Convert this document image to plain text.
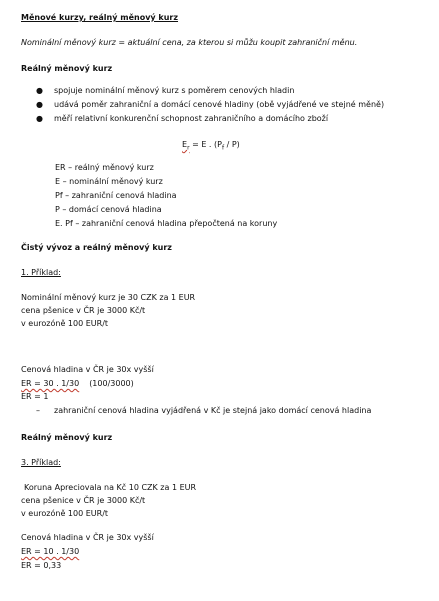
Měnové kurzy, reálný měnový kurz
Nominální měnový kurz = aktuální cena, za kterou si můžu koupit zahraniční měnu.
Reálný měnový kurz
● spojuje nominální měnový kurz s poměrem cenových hladin
● udává poměr zahraniční a domácí cenové hladiny (obě vyjádřené ve stejné měně)
● měří relativní konkurenční schopnost zahraničního a domácího zboží
$E_r = E$ . $(P_f / P)$
ER – reálný měnový kurz
E – nominální měnový kurz
Pf – zahraniční cenová hladina
P – domácí cenová hladina
E. Pf – zahraniční cenová hladina přepočtená na koruny
Čistý vývoz a reálný měnový kurz
1. Příklad:
Nominální měnový kurz je 30 CZK za 1 EUR
cena pšenice v ČR je 3000 Kč/t
v eurozóně 100 EUR/t
Cenová hladina v ČR je 30x vyšší
ER = 30 . 1/30 (100/3000)
ER = 1
– zahraniční cenová hladina vyjádřená v Kč je stejná jako domácí cenová hladina
Reálný měnový kurz
3. Příklad:
Koruna Apreciovala na Kč 10 CZK za 1 EUR
cena pšenice v ČR je 3000 Kč/t
v eurozóně 100 EUR/t
Cenová hladina v ČR je 30x vyšší
ER = 10 . 1/30
ER = 0,33
